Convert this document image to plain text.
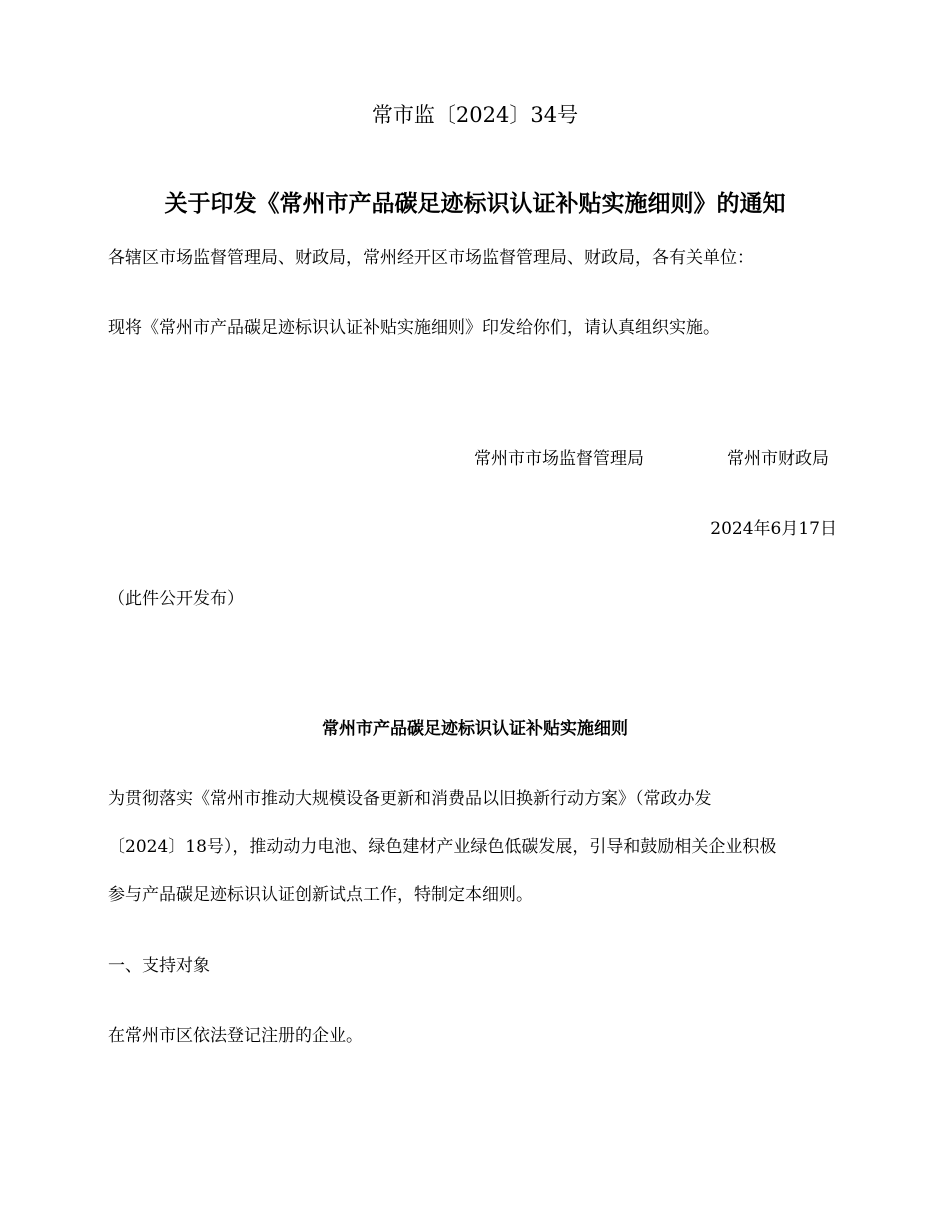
常市监〔2024〕34号
关于印发《常州市产品碳足迹标识认证补贴实施细则》的通知
各辖区市场监督管理局、财政局，常州经开区市场监督管理局、财政局，各有关单位：
现将《常州市产品碳足迹标识认证补贴实施细则》印发给你们，请认真组织实施。
常州市市场监督管理局	常州市财政局
2024年6月17日
（此件公开发布）
常州市产品碳足迹标识认证补贴实施细则
为贯彻落实《常州市推动大规模设备更新和消费品以旧换新行动方案》（常政办发
〔2024〕18号），推动动力电池、绿色建材产业绿色低碳发展，引导和鼓励相关企业积极
参与产品碳足迹标识认证创新试点工作，特制定本细则。
一、支持对象
在常州市区依法登记注册的企业。
